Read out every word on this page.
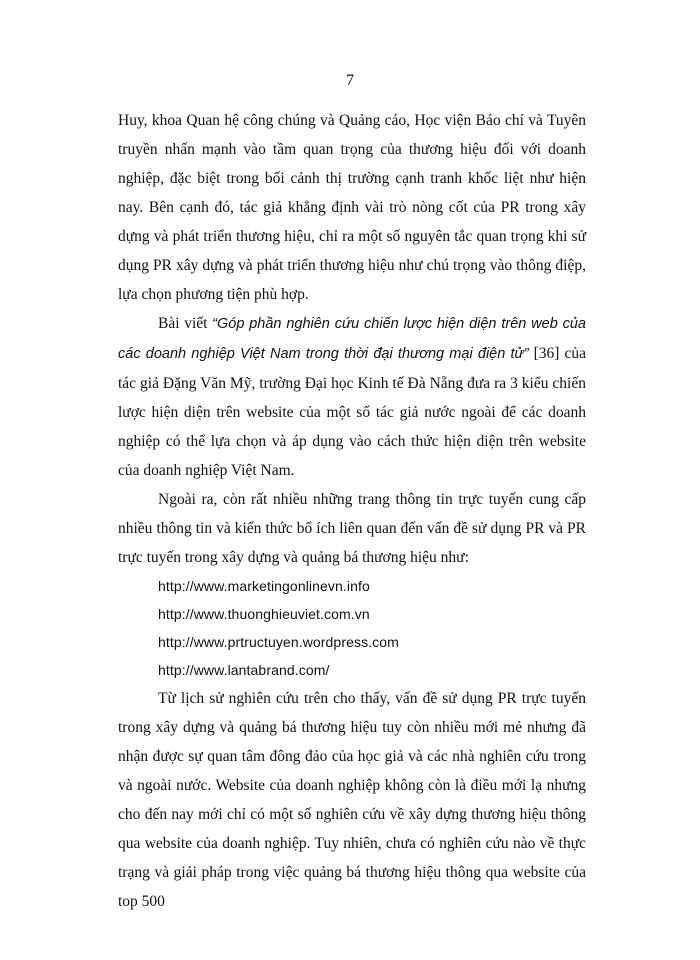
7

Huy, khoa Quan hệ công chúng và Quảng cáo, Học viện Báo chí và Tuyên truyền nhấn mạnh vào tầm quan trọng của thương hiệu đối với doanh nghiệp, đặc biệt trong bối cảnh thị trường cạnh tranh khốc liệt như hiện nay. Bên cạnh đó, tác giả khẳng định vài trò nòng cốt của PR trong xây dựng và phát triển thương hiệu, chỉ ra một số nguyên tắc quan trọng khi sử dụng PR xây dựng và phát triển thương hiệu như chú trọng vào thông điệp, lựa chọn phương tiện phù hợp.

Bài viết “Góp phần nghiên cứu chiến lược hiện diện trên web của các doanh nghiệp Việt Nam trong thời đại thương mại điện tử” [36] của tác giả Đặng Văn Mỹ, trường Đại học Kinh tế Đà Nẵng đưa ra 3 kiểu chiến lược hiện diện trên website của một số tác giả nước ngoài để các doanh nghiệp có thể lựa chọn và áp dụng vào cách thức hiện diện trên website của doanh nghiệp Việt Nam.

Ngoài ra, còn rất nhiều những trang thông tin trực tuyến cung cấp nhiều thông tin và kiến thức bổ ích liên quan đến vấn đề sử dụng PR và PR trực tuyến trong xây dựng và quảng bá thương hiệu như:

http://www.marketingonlinevn.info

http://www.thuonghieuviet.com.vn

http://www.prtructuyen.wordpress.com

http://www.lantabrand.com/

Từ lịch sử nghiên cứu trên cho thấy, vấn đề sử dụng PR trực tuyến trong xây dựng và quảng bá thương hiệu tuy còn nhiều mới mẻ nhưng đã nhận được sự quan tâm đông đảo của học giả và các nhà nghiên cứu trong và ngoài nước. Website của doanh nghiệp không còn là điều mới lạ nhưng cho đến nay mới chỉ có một số nghiên cứu về xây dựng thương hiệu thông qua website của doanh nghiệp. Tuy nhiên, chưa có nghiên cứu nào về thực trạng và giải pháp trong việc quảng bá thương hiệu thông qua website của top 500
